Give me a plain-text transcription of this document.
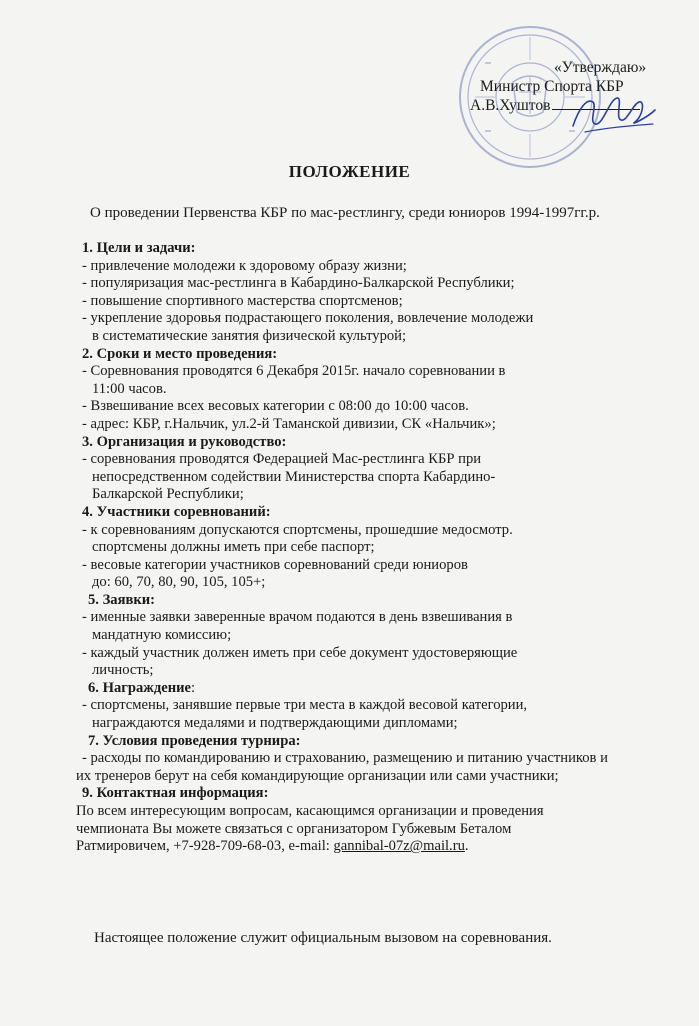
«Утверждаю»
Министр Спорта КБР
А.В.Хуштов
ПОЛОЖЕНИЕ
О проведении Первенства КБР по мас-рестлингу, среди юниоров 1994-1997гг.р.
1. Цели и задачи:
- привлечение молодежи к здоровому образу жизни;
- популяризация мас-рестлинга в Кабардино-Балкарской Республики;
- повышение спортивного мастерства спортсменов;
- укрепление здоровья подрастающего поколения, вовлечение молодежи
в систематические занятия физической культурой;
2. Сроки и место проведения:
- Соревнования проводятся 6 Декабря 2015г. начало соревновании в
11:00 часов.
- Взвешивание всех весовых категории с 08:00 до 10:00 часов.
- адрес: КБР, г.Нальчик, ул.2-й Таманской дивизии, СК «Нальчик»;
3. Организация и руководство:
- соревнования проводятся Федерацией Мас-рестлинга КБР при
непосредственном содействии Министерства спорта Кабардино-
Балкарской Республики;
4. Участники соревнований:
- к соревнованиям допускаются спортсмены, прошедшие медосмотр.
спортсмены должны иметь при себе паспорт;
- весовые категории участников соревнований среди юниоров
до: 60, 70, 80, 90, 105, 105+;
5. Заявки:
- именные заявки заверенные врачом подаются в день взвешивания в
мандатную комиссию;
- каждый участник должен иметь при себе документ удостоверяющие
личность;
6. Награждение:
- спортсмены, занявшие первые три места в каждой весовой категории,
награждаются медалями и подтверждающими дипломами;
7. Условия проведения турнира:
- расходы по командированию и страхованию, размещению и питанию участников и
их тренеров берут на себя командирующие организации или сами участники;
9. Контактная информация:
По всем интересующим вопросам, касающимся организации и проведения
чемпионата Вы можете связаться с организатором Губжевым Беталом
Ратмировичем, +7-928-709-68-03, e-mail: gannibal-07z@mail.ru.
Настоящее положение служит официальным вызовом на соревнования.
